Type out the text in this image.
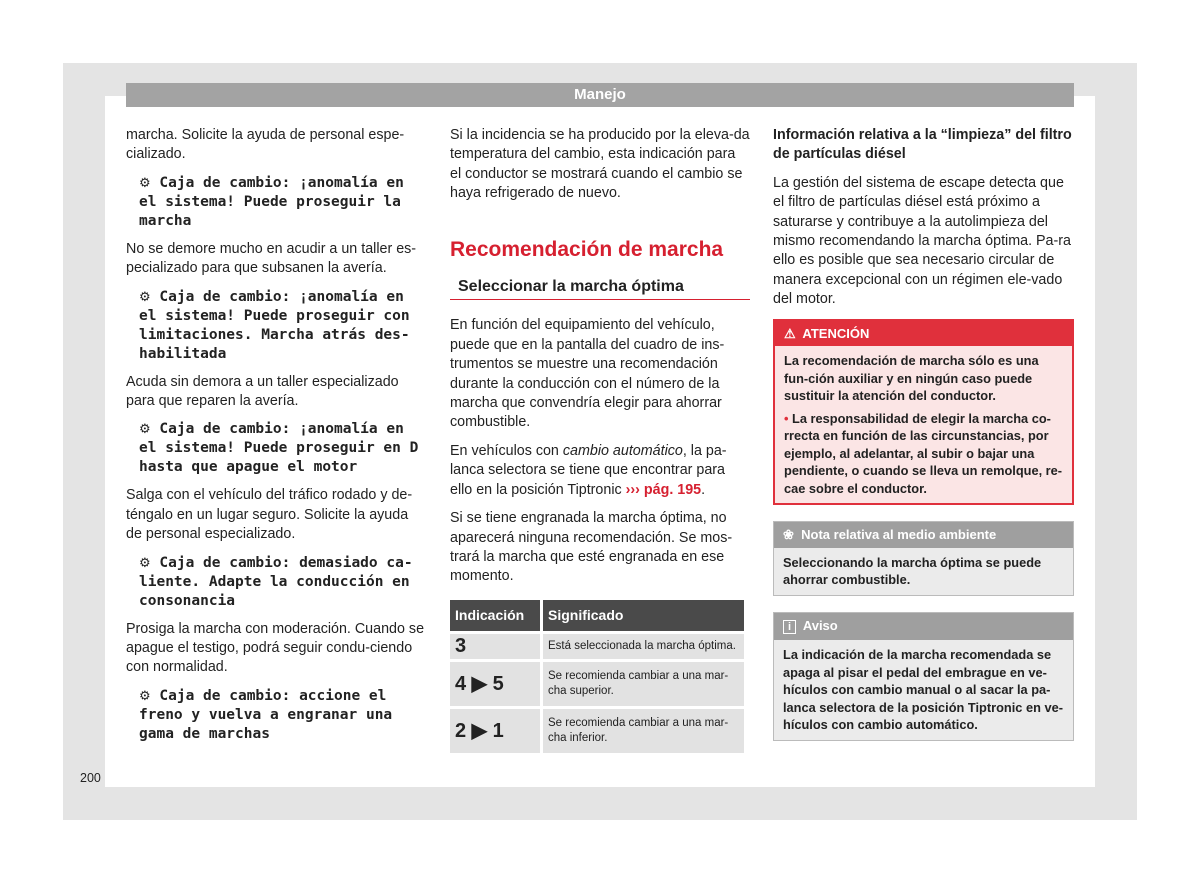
Manejo

marcha. Solicite la ayuda de personal espe-cializado.

⚙ Caja de cambio: ¡anomalía en el sistema! Puede proseguir la marcha

No se demore mucho en acudir a un taller es-pecializado para que subsanen la avería.

⚙ Caja de cambio: ¡anomalía en el sistema! Puede proseguir con limitaciones. Marcha atrás des-habilitada

Acuda sin demora a un taller especializado para que reparen la avería.

⚙ Caja de cambio: ¡anomalía en el sistema! Puede proseguir en D hasta que apague el motor

Salga con el vehículo del tráfico rodado y de-téngalo en un lugar seguro. Solicite la ayuda de personal especializado.

⚙ Caja de cambio: demasiado ca-liente. Adapte la conducción en consonancia

Prosiga la marcha con moderación. Cuando se apague el testigo, podrá seguir condu-ciendo con normalidad.

⚙ Caja de cambio: accione el freno y vuelva a engranar una gama de marchas

Si la incidencia se ha producido por la eleva-da temperatura del cambio, esta indicación para el conductor se mostrará cuando el cambio se haya refrigerado de nuevo.

Recomendación de marcha
Seleccionar la marcha óptima

En función del equipamiento del vehículo, puede que en la pantalla del cuadro de ins-trumentos se muestre una recomendación durante la conducción con el número de la marcha que convendría elegir para ahorrar combustible.

En vehículos con cambio automático, la pa-lanca selectora se tiene que encontrar para ello en la posición Tiptronic ››› pág. 195.

Si se tiene engranada la marcha óptima, no aparecerá ninguna recomendación. Se mos-trará la marcha que esté engranada en ese momento.

Indicación	Significado
3	Está seleccionada la marcha óptima.
4 ▶ 5	Se recomienda cambiar a una mar-cha superior.
2 ▶ 1	Se recomienda cambiar a una mar-cha inferior.

Información relativa a la “limpieza” del filtro de partículas diésel

La gestión del sistema de escape detecta que el filtro de partículas diésel está próximo a saturarse y contribuye a la autolimpieza del mismo recomendando la marcha óptima. Pa-ra ello es posible que sea necesario circular de manera excepcional con un régimen ele-vado del motor.

⚠ ATENCIÓN

La recomendación de marcha sólo es una fun-ción auxiliar y en ningún caso puede sustituir la atención del conductor.

• La responsabilidad de elegir la marcha co-rrecta en función de las circunstancias, por ejemplo, al adelantar, al subir o bajar una pendiente, o cuando se lleva un remolque, re-cae sobre el conductor.

❀ Nota relativa al medio ambiente
Seleccionando la marcha óptima se puede ahorrar combustible.
i Aviso
La indicación de la marcha recomendada se apaga al pisar el pedal del embrague en ve-hículos con cambio manual o al sacar la pa-lanca selectora de la posición Tiptronic en ve-hículos con cambio automático.
200
